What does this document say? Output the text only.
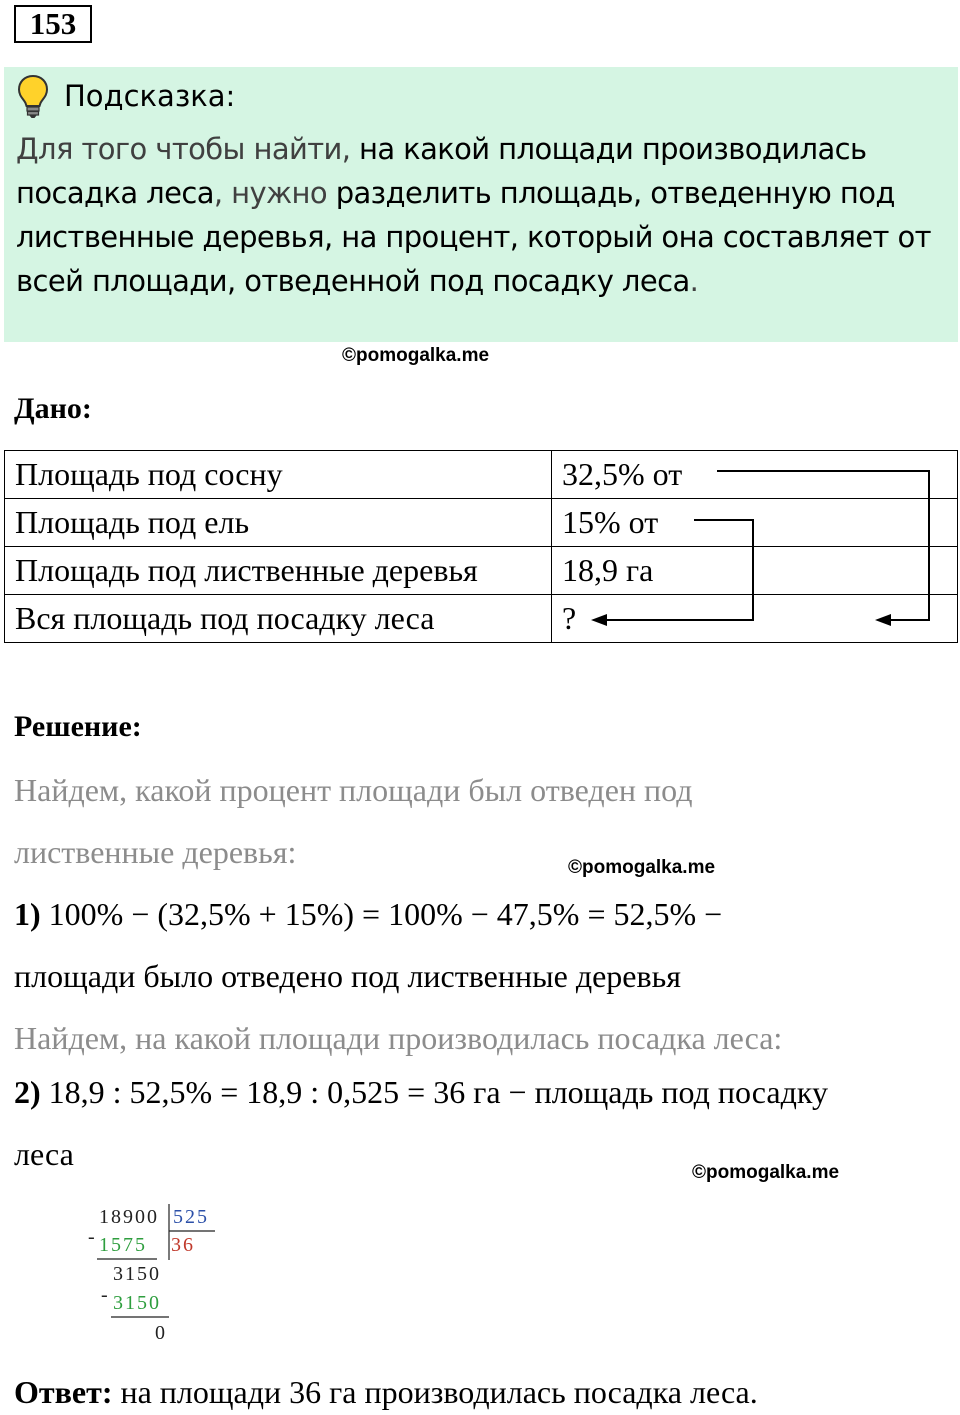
153
Подсказка:
Для того чтобы найти, на какой площади производилась посадка леса, нужно разделить площадь, отведенную под лиственные деревья, на процент, который она составляет от всей площади, отведенной под посадку леса.
©pomogalka.me
Дано:
Площадь под сосну	32,5% от
Площадь под ель	15% от
Площадь под лиственные деревья	18,9 га
Вся площадь под посадку леса	?
Решение:
Найдем, какой процент площади был отведен под
лиственные деревья:	©pomogalka.me
1) 100% − (32,5% + 15%) = 100% − 47,5% = 52,5% −
площади было отведено под лиственные деревья
Найдем, на какой площади производилась посадка леса:
2) 18,9 : 52,5% = 18,9 : 0,525 = 36 га − площадь под посадку
леса
©pomogalka.me
18900 525
- 1575 36
3150
- 3150
0
Ответ: на площади 36 га производилась посадка леса.
